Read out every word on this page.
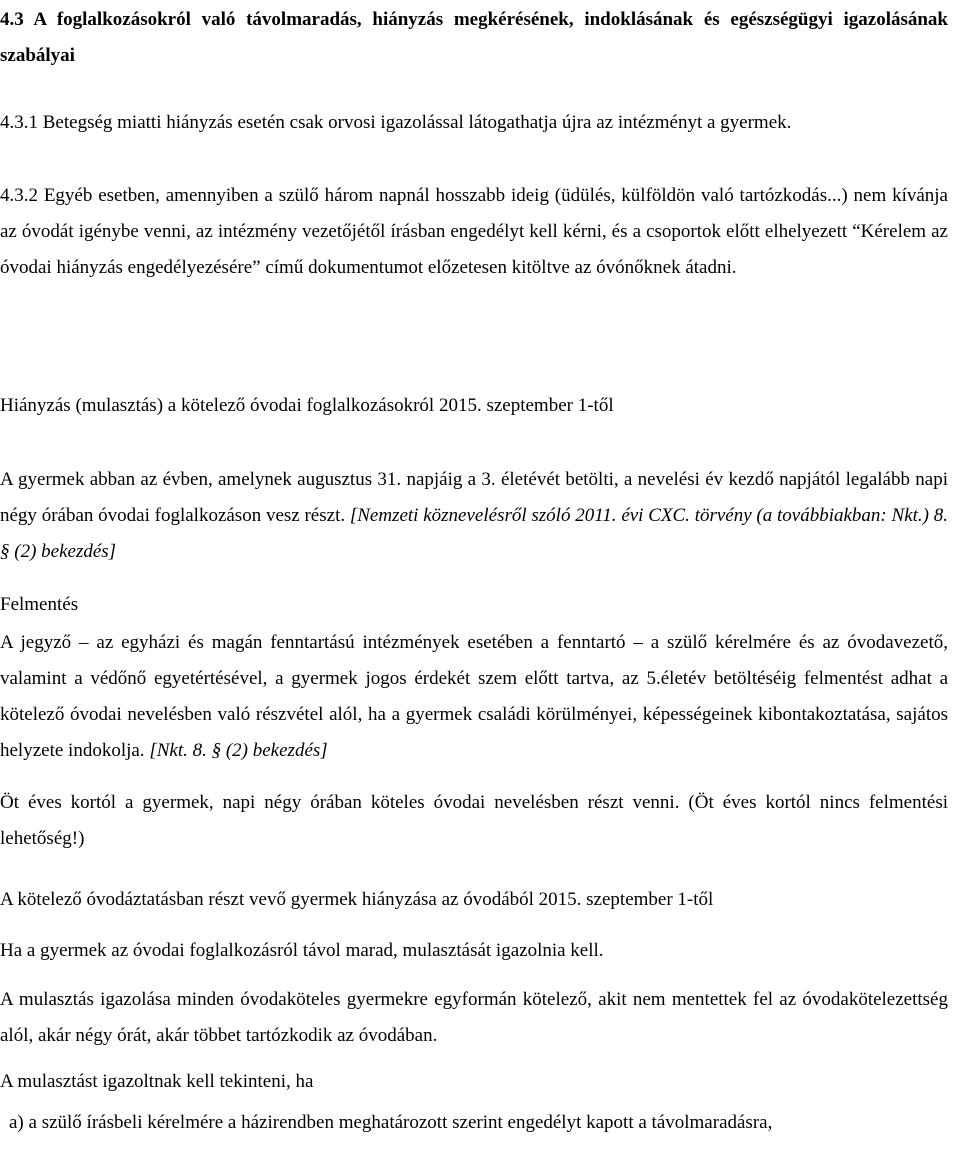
4.3 A foglalkozásokról való távolmaradás, hiányzás megkérésének, indoklásának és egészségügyi igazolásának szabályai

4.3.1 Betegség miatti hiányzás esetén csak orvosi igazolással látogathatja újra az intézményt a gyermek.

4.3.2 Egyéb esetben, amennyiben a szülő három napnál hosszabb ideig (üdülés, külföldön való tartózkodás...) nem kívánja az óvodát igénybe venni, az intézmény vezetőjétől írásban engedélyt kell kérni, és a csoportok előtt elhelyezett “Kérelem az óvodai hiányzás engedélyezésére” című dokumentumot előzetesen kitöltve az óvónőknek átadni.

Hiányzás (mulasztás) a kötelező óvodai foglalkozásokról 2015. szeptember 1-től

A gyermek abban az évben, amelynek augusztus 31. napjáig a 3. életévét betölti, a nevelési év kezdő napjától legalább napi négy órában óvodai foglalkozáson vesz részt. [Nemzeti köznevelésről szóló 2011. évi CXC. törvény (a továbbiakban: Nkt.) 8. § (2) bekezdés]

Felmentés

A jegyző – az egyházi és magán fenntartású intézmények esetében a fenntartó – a szülő kérelmére és az óvodavezető, valamint a védőnő egyetértésével, a gyermek jogos érdekét szem előtt tartva, az 5.életév betöltéséig felmentést adhat a kötelező óvodai nevelésben való részvétel alól, ha a gyermek családi körülményei, képességeinek kibontakoztatása, sajátos helyzete indokolja. [Nkt. 8. § (2) bekezdés]

Öt éves kortól a gyermek, napi négy órában köteles óvodai nevelésben részt venni. (Öt éves kortól nincs felmentési lehetőség!)

A kötelező óvodáztatásban részt vevő gyermek hiányzása az óvodából 2015. szeptember 1-től

Ha a gyermek az óvodai foglalkozásról távol marad, mulasztását igazolnia kell.

A mulasztás igazolása minden óvodaköteles gyermekre egyformán kötelező, akit nem mentettek fel az óvodakötelezettség alól, akár négy órát, akár többet tartózkodik az óvodában.

A mulasztást igazoltnak kell tekinteni, ha

a) a szülő írásbeli kérelmére a házirendben meghatározott szerint engedélyt kapott a távolmaradásra,
